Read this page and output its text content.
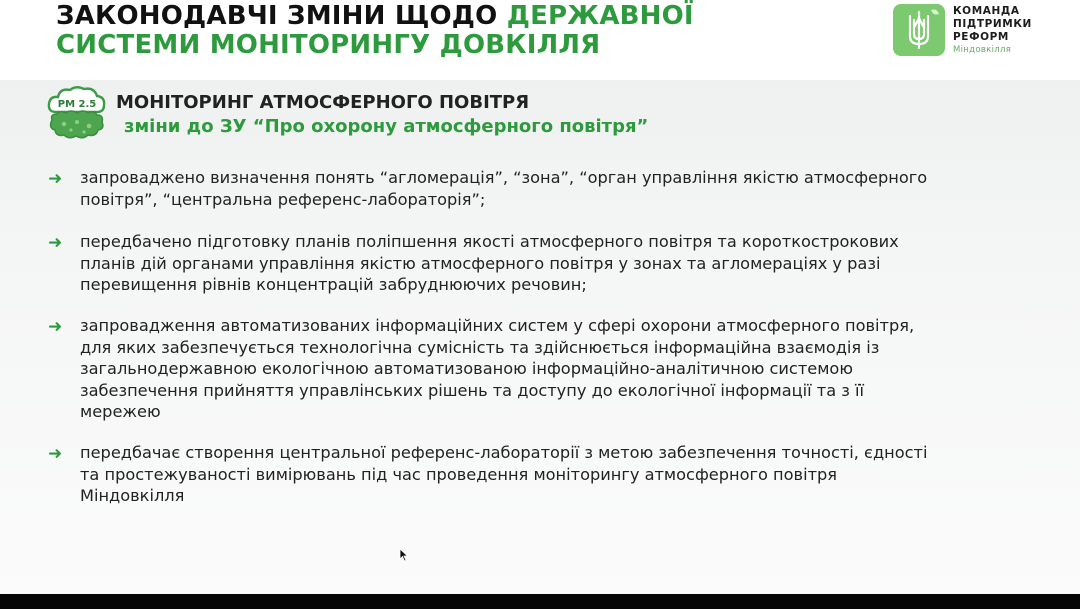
ЗАКОНОДАВЧІ ЗМІНИ ЩОДО ДЕРЖАВНОЇ
СИСТЕМИ МОНІТОРИНГУ ДОВКІЛЛЯ
КОМАНДА
ПІДТРИМКИ
РЕФОРМ
Міндовкілля
PM 2.5 МОНІТОРИНГ АТМОСФЕРНОГО ПОВІТРЯ
зміни до ЗУ “Про охорону атмосферного повітря”
➜	запроваджено визначення понять “агломерація”, “зона”, “орган управління якістю атмосферного
повітря”, “центральна референс-лабораторія”;
➜	передбачено підготовку планів поліпшення якості атмосферного повітря та короткострокових
планів дій органами управління якістю атмосферного повітря у зонах та агломераціях у разі
перевищення рівнів концентрацій забруднюючих речовин;
➜	запровадження автоматизованих інформаційних систем у сфері охорони атмосферного повітря,
для яких забезпечується технологічна сумісність та здійснюється інформаційна взаємодія із
загальнодержавною екологічною автоматизованою інформаційно-аналітичною системою
забезпечення прийняття управлінських рішень та доступу до екологічної інформації та з її
мережею
➜	передбачає створення центральної референс-лабораторії з метою забезпечення точності, єдності
та простежуваності вимірювань під час проведення моніторингу атмосферного повітря
Міндовкілля
